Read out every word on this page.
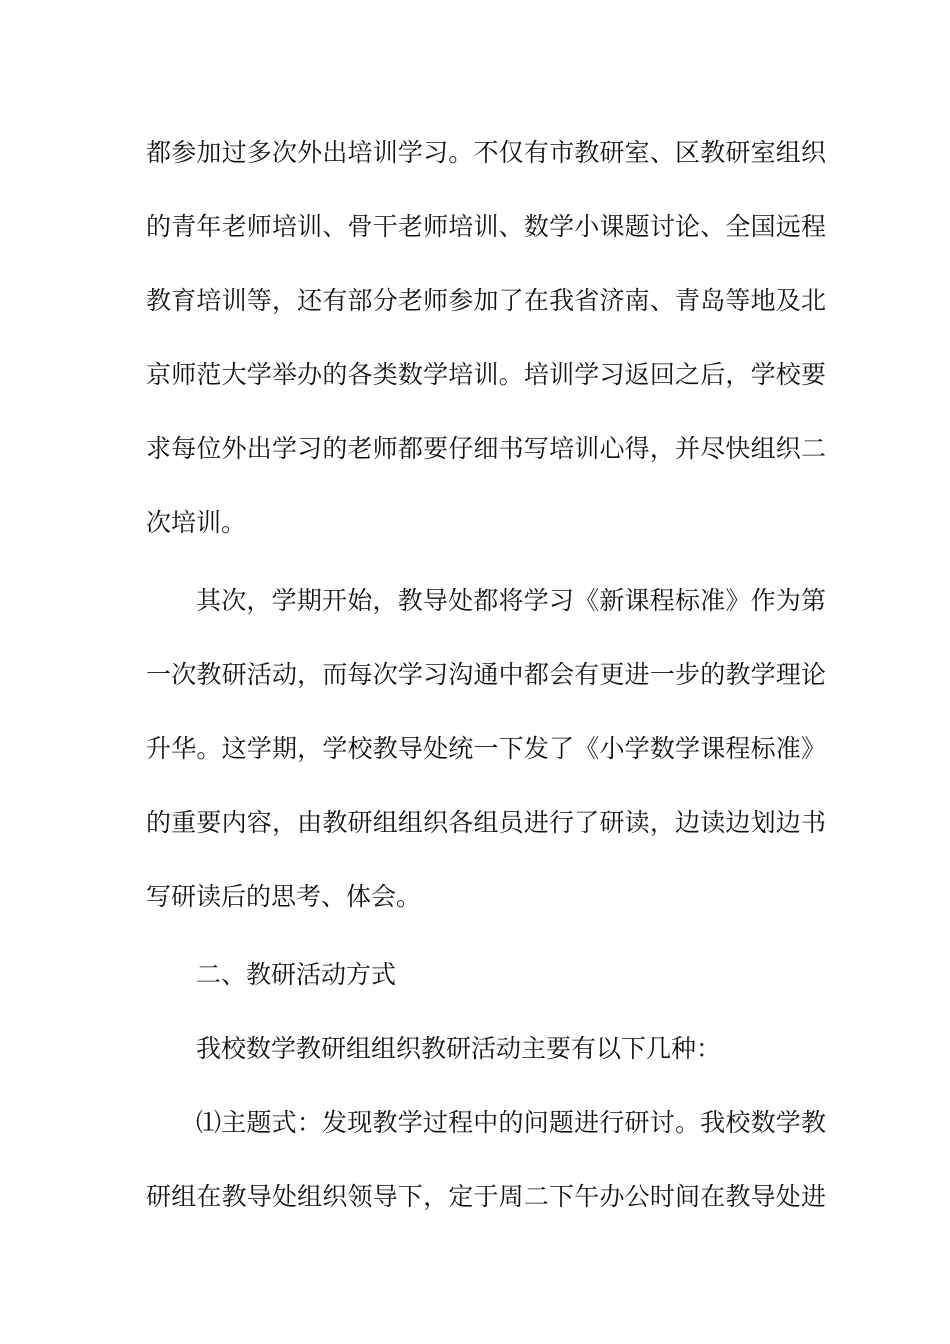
都参加过多次外出培训学习。不仅有市教研室、区教研室组织
的青年老师培训、骨干老师培训、数学小课题讨论、全国远程
教育培训等，还有部分老师参加了在我省济南、青岛等地及北
京师范大学举办的各类数学培训。培训学习返回之后，学校要
求每位外出学习的老师都要仔细书写培训心得，并尽快组织二
次培训。
其次，学期开始，教导处都将学习《新课程标准》作为第
一次教研活动，而每次学习沟通中都会有更进一步的教学理论
升华。这学期，学校教导处统一下发了《小学数学课程标准》
的重要内容，由教研组组织各组员进行了研读，边读边划边书
写研读后的思考、体会。
二、教研活动方式
我校数学教研组组织教研活动主要有以下几种：
⑴主题式：发现教学过程中的问题进行研讨。我校数学教
研组在教导处组织领导下，定于周二下午办公时间在教导处进
